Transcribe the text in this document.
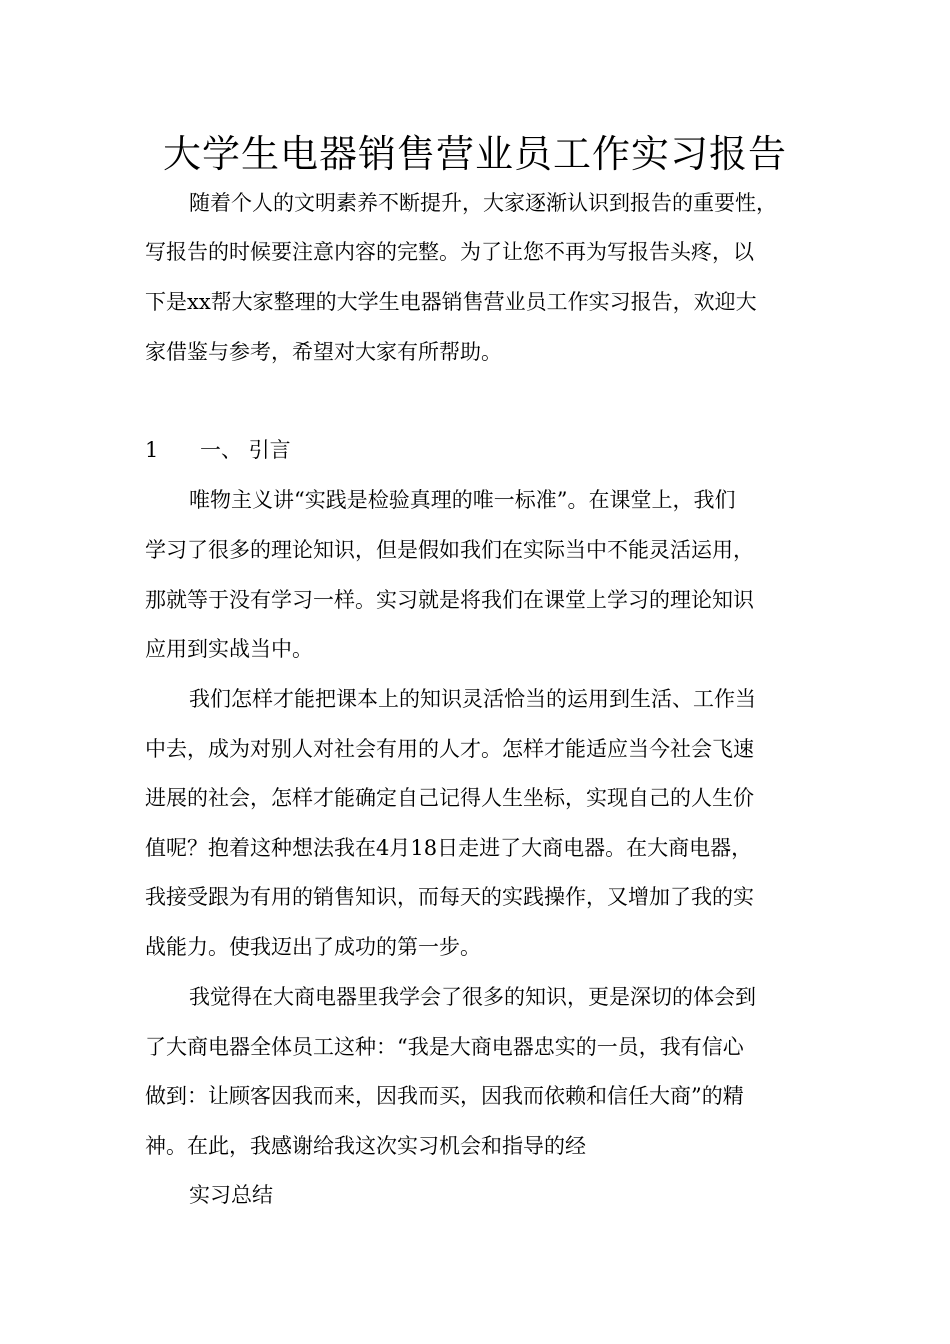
大学生电器销售营业员工作实习报告
随着个人的文明素养不断提升，大家逐渐认识到报告的重要性，
写报告的时候要注意内容的完整。为了让您不再为写报告头疼，以
下是xx帮大家整理的大学生电器销售营业员工作实习报告，欢迎大
家借鉴与参考，希望对大家有所帮助。
1 一、 引言
唯物主义讲“实践是检验真理的唯一标准”。在课堂上，我们
学习了很多的理论知识，但是假如我们在实际当中不能灵活运用，
那就等于没有学习一样。实习就是将我们在课堂上学习的理论知识
应用到实战当中。
我们怎样才能把课本上的知识灵活恰当的运用到生活、工作当
中去，成为对别人对社会有用的人才。怎样才能适应当今社会飞速
进展的社会，怎样才能确定自己记得人生坐标，实现自己的人生价
值呢？抱着这种想法我在4月18日走进了大商电器。在大商电器，
我接受跟为有用的销售知识，而每天的实践操作，又增加了我的实
战能力。使我迈出了成功的第一步。
我觉得在大商电器里我学会了很多的知识，更是深切的体会到
了大商电器全体员工这种：“我是大商电器忠实的一员，我有信心
做到：让顾客因我而来，因我而买，因我而依赖和信任大商”的精
神。在此，我感谢给我这次实习机会和指导的经
实习总结
